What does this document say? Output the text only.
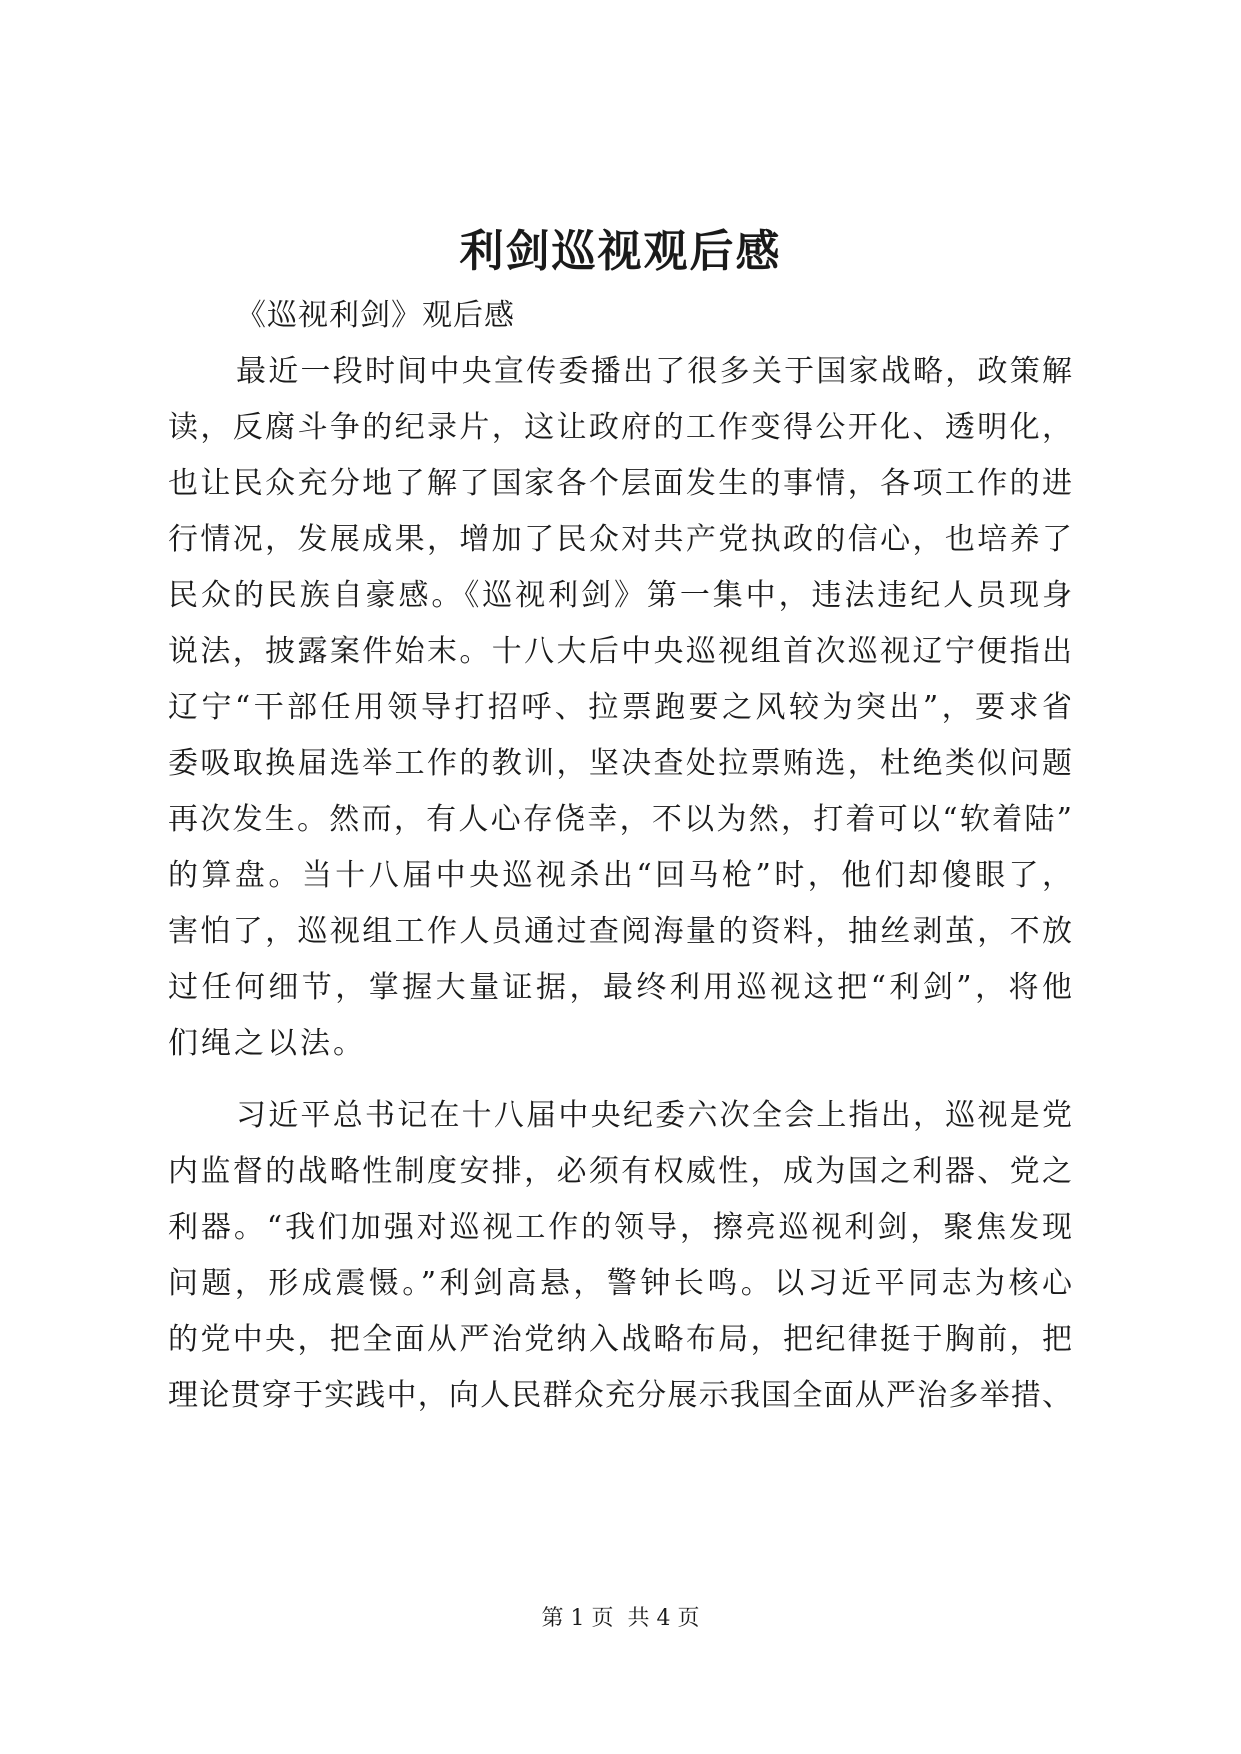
利剑巡视观后感

《巡视利剑》观后感

最近一段时间中央宣传委播出了很多关于国家战略，政策解

读，反腐斗争的纪录片，这让政府的工作变得公开化、透明化，

也让民众充分地了解了国家各个层面发生的事情，各项工作的进

行情况，发展成果，增加了民众对共产党执政的信心，也培养了

民众的民族自豪感。《巡视利剑》第一集中，违法违纪人员现身

说法，披露案件始末。十八大后中央巡视组首次巡视辽宁便指出

辽宁“干部任用领导打招呼、拉票跑要之风较为突出”，要求省

委吸取换届选举工作的教训，坚决查处拉票贿选，杜绝类似问题

再次发生。然而，有人心存侥幸，不以为然，打着可以“软着陆”

的算盘。当十八届中央巡视杀出“回马枪”时，他们却傻眼了，

害怕了，巡视组工作人员通过查阅海量的资料，抽丝剥茧，不放

过任何细节，掌握大量证据，最终利用巡视这把“利剑”，将他

们绳之以法。

习近平总书记在十八届中央纪委六次全会上指出，巡视是党

内监督的战略性制度安排，必须有权威性，成为国之利器、党之

利器。“我们加强对巡视工作的领导，擦亮巡视利剑，聚焦发现

问题，形成震慑。”利剑高悬，警钟长鸣。以习近平同志为核心

的党中央，把全面从严治党纳入战略布局，把纪律挺于胸前，把

理论贯穿于实践中，向人民群众充分展示我国全面从严治多举措、

第 1 页 共 4 页
